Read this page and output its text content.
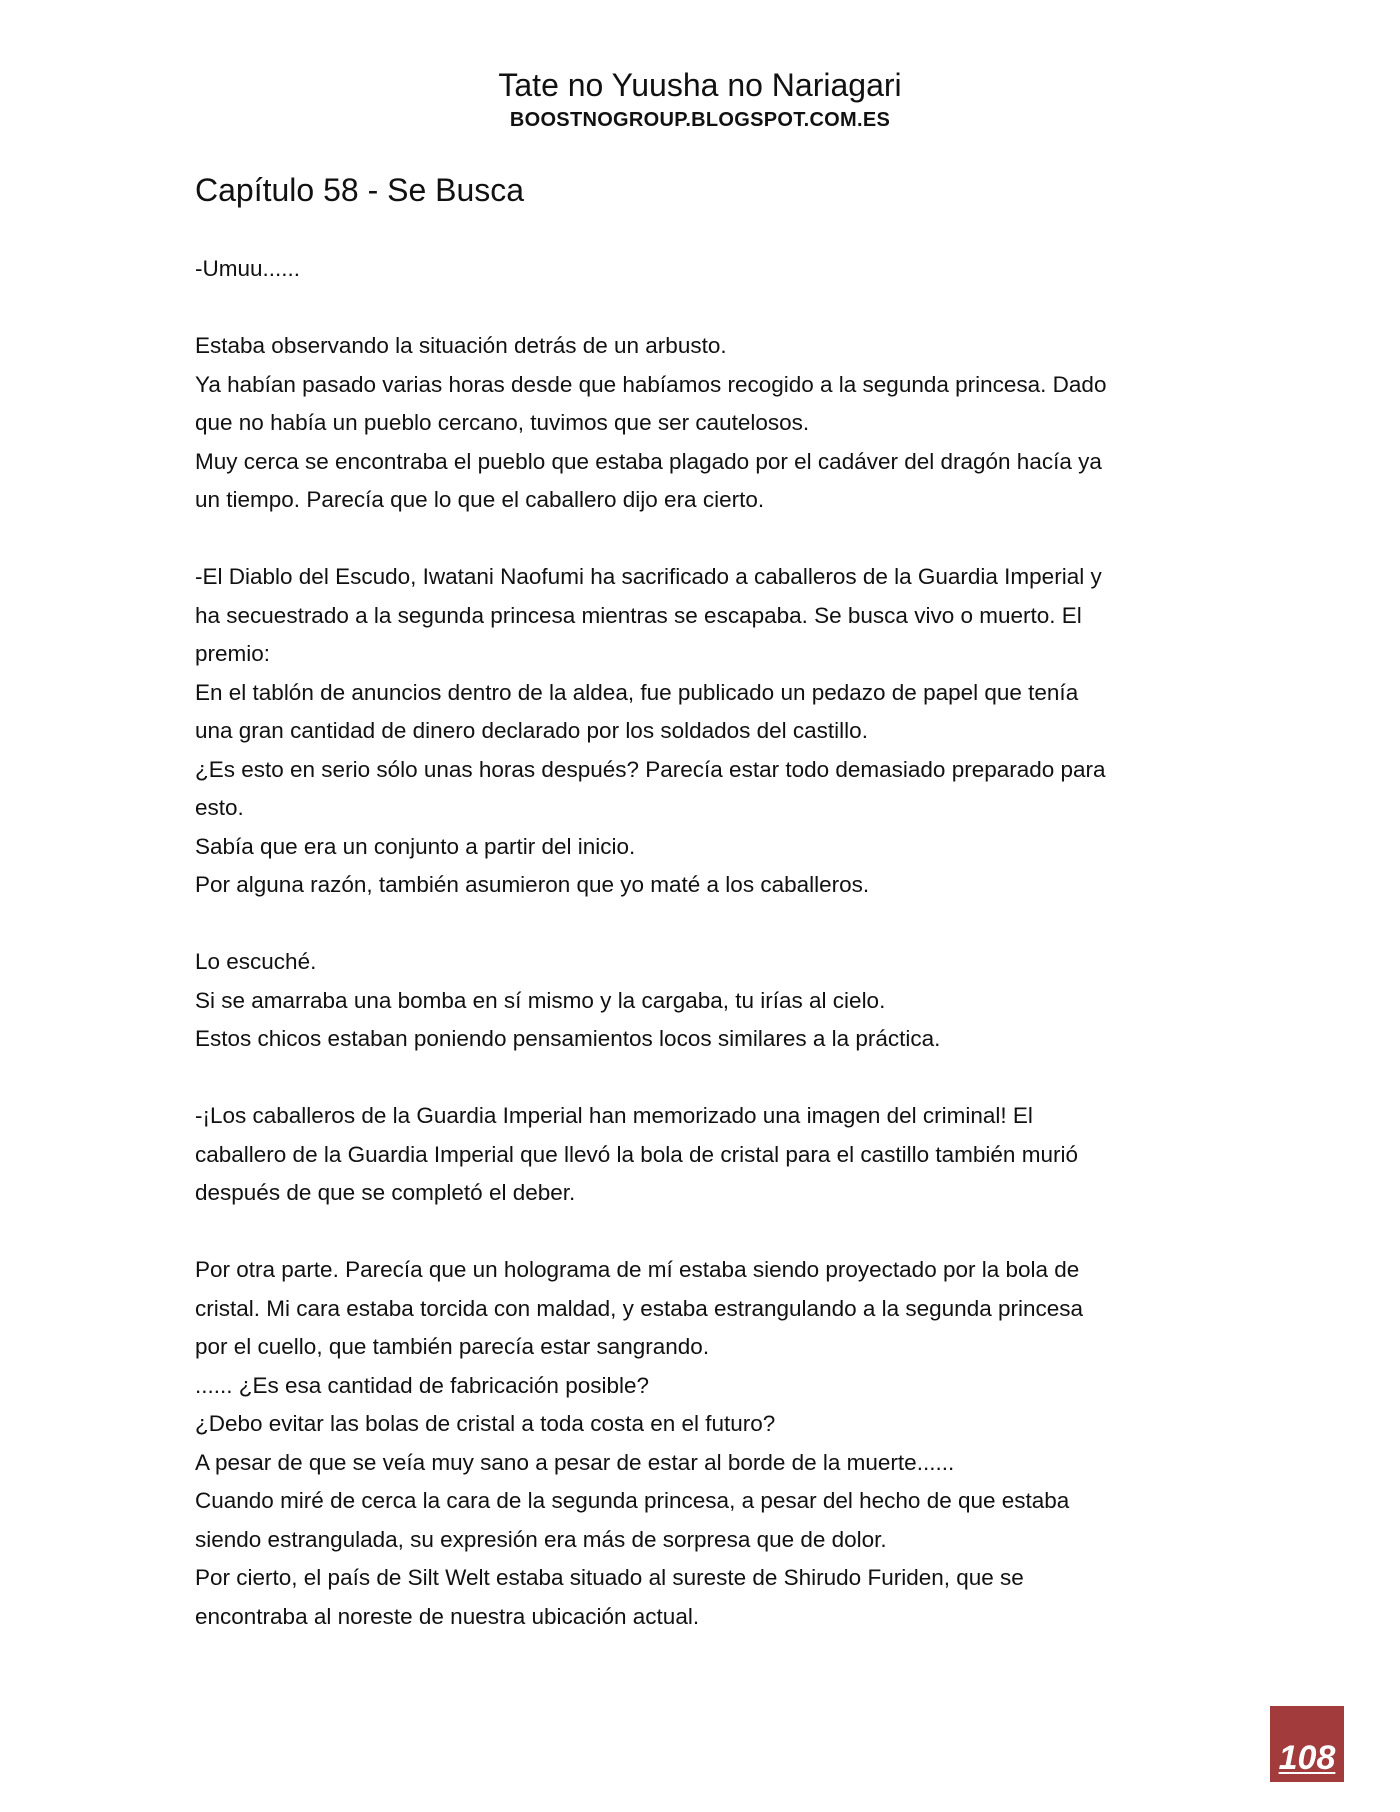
Tate no Yuusha no Nariagari

BOOSTNOGROUP.BLOGSPOT.COM.ES

Capítulo 58 - Se Busca
-Umuu......
Estaba observando la situación detrás de un arbusto.
Ya habían pasado varias horas desde que habíamos recogido a la segunda princesa. Dado
que no había un pueblo cercano, tuvimos que ser cautelosos.
Muy cerca se encontraba el pueblo que estaba plagado por el cadáver del dragón hacía ya
un tiempo. Parecía que lo que el caballero dijo era cierto.
-El Diablo del Escudo, Iwatani Naofumi ha sacrificado a caballeros de la Guardia Imperial y
ha secuestrado a la segunda princesa mientras se escapaba. Se busca vivo o muerto. El
premio:
En el tablón de anuncios dentro de la aldea, fue publicado un pedazo de papel que tenía
una gran cantidad de dinero declarado por los soldados del castillo.
¿Es esto en serio sólo unas horas después? Parecía estar todo demasiado preparado para
esto.
Sabía que era un conjunto a partir del inicio.
Por alguna razón, también asumieron que yo maté a los caballeros.
Lo escuché.
Si se amarraba una bomba en sí mismo y la cargaba, tu irías al cielo.
Estos chicos estaban poniendo pensamientos locos similares a la práctica.
-¡Los caballeros de la Guardia Imperial han memorizado una imagen del criminal! El
caballero de la Guardia Imperial que llevó la bola de cristal para el castillo también murió
después de que se completó el deber.
Por otra parte. Parecía que un holograma de mí estaba siendo proyectado por la bola de
cristal. Mi cara estaba torcida con maldad, y estaba estrangulando a la segunda princesa
por el cuello, que también parecía estar sangrando.
...... ¿Es esa cantidad de fabricación posible?
¿Debo evitar las bolas de cristal a toda costa en el futuro?
A pesar de que se veía muy sano a pesar de estar al borde de la muerte......
Cuando miré de cerca la cara de la segunda princesa, a pesar del hecho de que estaba
siendo estrangulada, su expresión era más de sorpresa que de dolor.
Por cierto, el país de Silt Welt estaba situado al sureste de Shirudo Furiden, que se
encontraba al noreste de nuestra ubicación actual.
108
